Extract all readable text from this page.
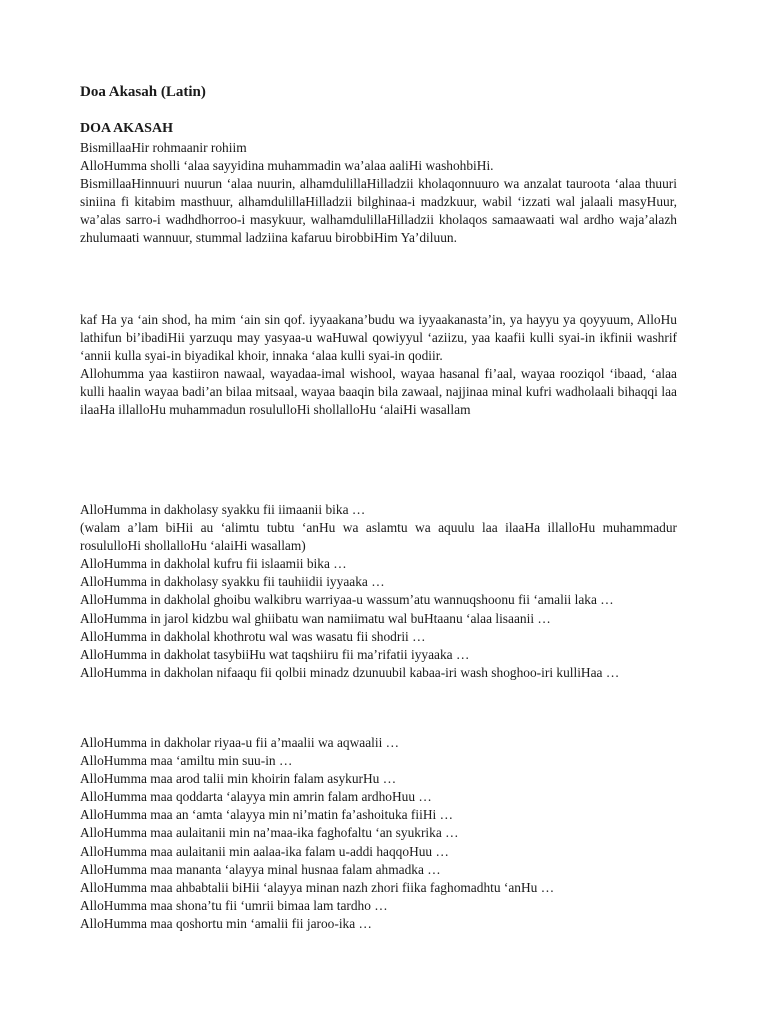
Doa Akasah (Latin)
DOA AKASAH

BismillaaHir rohmaanir rohiim

AlloHumma sholli ‘alaa sayyidina muhammadin wa’alaa aaliHi washohbiHi.

BismillaaHinnuuri nuurun ‘alaa nuurin, alhamdulillaHilladzii kholaqonnuuro wa anzalat tauroota ‘alaa thuuri siniina fi kitabim masthuur, alhamdulillaHilladzii bilghinaa-i madzkuur, wabil ‘izzati wal jalaali masyHuur, wa’alas sarro-i wadhdhorroo-i masykuur, walhamdulillaHilladzii kholaqos samaawaati wal ardho waja’alazh zhulumaati wannuur, stummal ladziina kafaruu birobbiHim Ya’diluun.

kaf Ha ya ‘ain shod, ha mim ‘ain sin qof. iyyaakana’budu wa iyyaakanasta’in, ya hayyu ya qoyyuum, AlloHu lathifun bi’ibadiHii yarzuqu may yasyaa-u waHuwal qowiyyul ‘aziizu, yaa kaafii kulli syai-in ikfinii washrif ‘annii kulla syai-in biyadikal khoir, innaka ‘alaa kulli syai-in qodiir.

Allohumma yaa kastiiron nawaal, wayadaa-imal wishool, wayaa hasanal fi’aal, wayaa rooziqol ‘ibaad, ‘alaa kulli haalin wayaa badi’an bilaa mitsaal, wayaa baaqin bila zawaal, najjinaa minal kufri wadholaali bihaqqi laa ilaaHa illalloHu muhammadun rosululloHi shollalloHu ‘alaiHi wasallam

AlloHumma in dakholasy syakku fii iimaanii bika …

(walam a’lam biHii au ‘alimtu tubtu ‘anHu wa aslamtu wa aquulu laa ilaaHa illalloHu muhammadur rosululloHi shollalloHu ‘alaiHi wasallam)

AlloHumma in dakholal kufru fii islaamii bika …

AlloHumma in dakholasy syakku fii tauhiidii iyyaaka …

AlloHumma in dakholal ghoibu walkibru warriyaa-u wassum’atu wannuqshoonu fii ‘amalii laka …

AlloHumma in jarol kidzbu wal ghiibatu wan namiimatu wal buHtaanu ‘alaa lisaanii …

AlloHumma in dakholal khothrotu wal was wasatu fii shodrii …

AlloHumma in dakholat tasybiiHu wat taqshiiru fii ma’rifatii iyyaaka …

AlloHumma in dakholan nifaaqu fii qolbii minadz dzunuubil kabaa-iri wash shoghoo-iri kulliHaa …

AlloHumma in dakholar riyaa-u fii a’maalii wa aqwaalii …

AlloHumma maa ‘amiltu min suu-in …

AlloHumma maa arod talii min khoirin falam asykurHu …

AlloHumma maa qoddarta ‘alayya min amrin falam ardhoHuu …

AlloHumma maa an ‘amta ‘alayya min ni’matin fa’ashoituka fiiHi …

AlloHumma maa aulaitanii min na’maa-ika faghofaltu ‘an syukrika …

AlloHumma maa aulaitanii min aalaa-ika falam u-addi haqqoHuu …

AlloHumma maa mananta ‘alayya minal husnaa falam ahmadka …

AlloHumma maa ahbabtalii biHii ‘alayya minan nazh zhori fiika faghomadhtu ‘anHu …

AlloHumma maa shona’tu fii ‘umrii bimaa lam tardho …

AlloHumma maa qoshortu min ‘amalii fii jaroo-ika …
